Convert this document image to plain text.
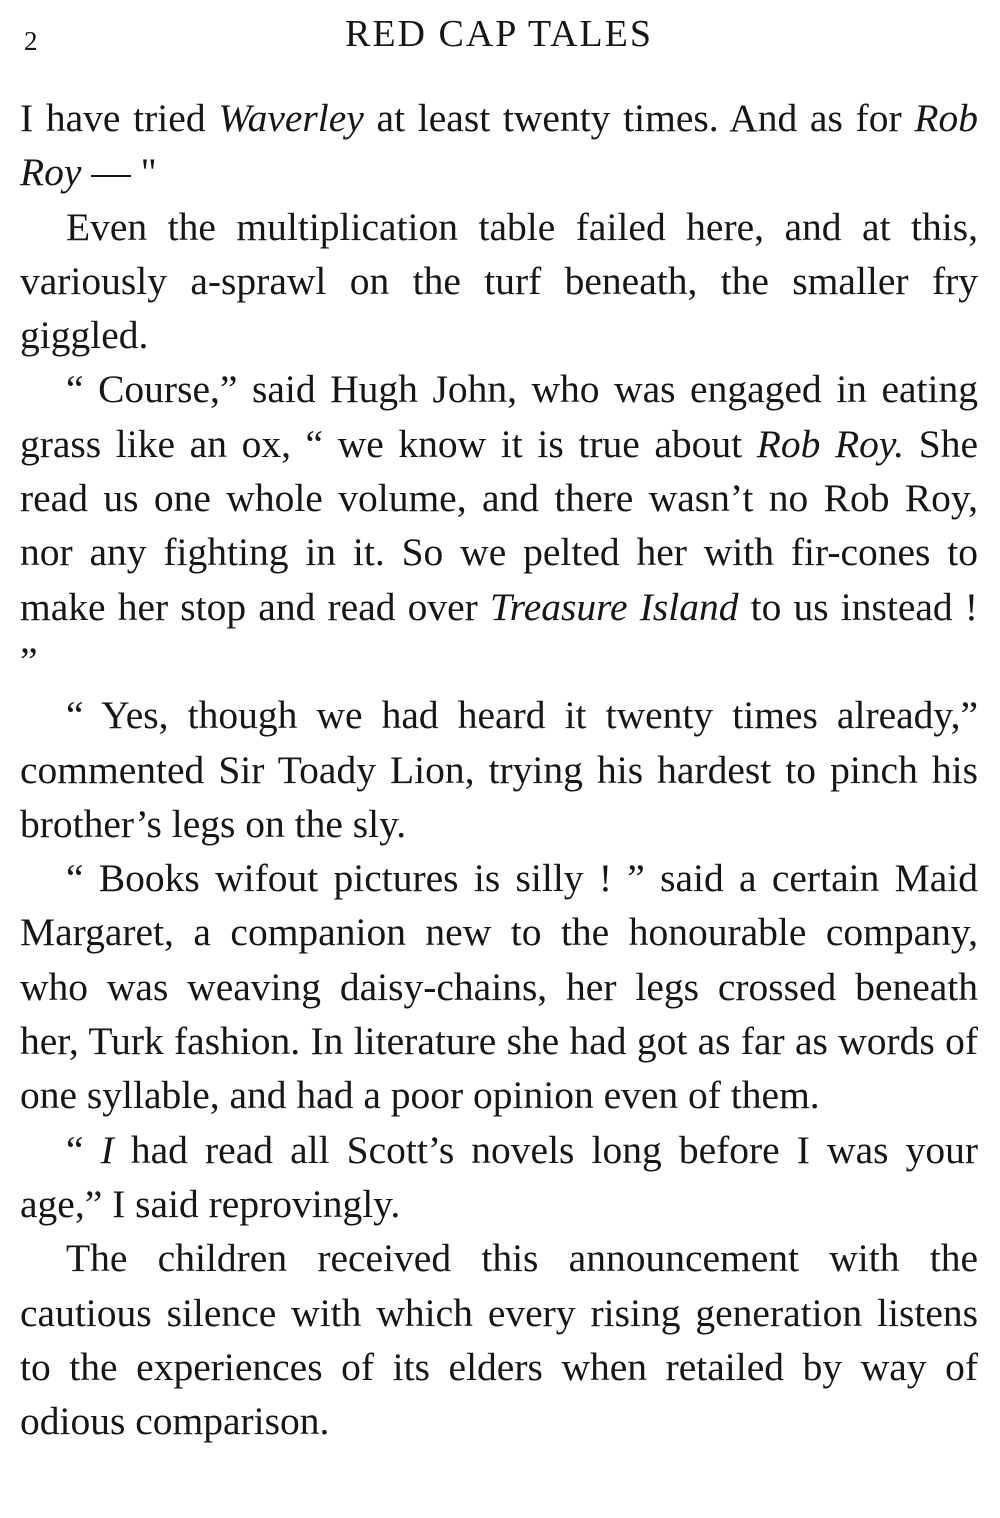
2	RED CAP TALES

I have tried Waverley at least twenty times. And as for Rob Roy — "

Even the multiplication table failed here, and at this, variously a-sprawl on the turf beneath, the smaller fry giggled.

“ Course,” said Hugh John, who was engaged in eating grass like an ox, “ we know it is true about Rob Roy. She read us one whole volume, and there wasn’t no Rob Roy, nor any fighting in it. So we pelted her with fir-cones to make her stop and read over Treasure Island to us instead ! ”

“ Yes, though we had heard it twenty times already,” commented Sir Toady Lion, trying his hardest to pinch his brother’s legs on the sly.

“ Books wifout pictures is silly ! ” said a certain Maid Margaret, a companion new to the honourable company, who was weaving daisy-chains, her legs crossed beneath her, Turk fashion. In literature she had got as far as words of one syllable, and had a poor opinion even of them.

“ I had read all Scott’s novels long before I was your age,” I said reprovingly.

The children received this announcement with the cautious silence with which every rising generation listens to the experiences of its elders when retailed by way of odious comparison.
